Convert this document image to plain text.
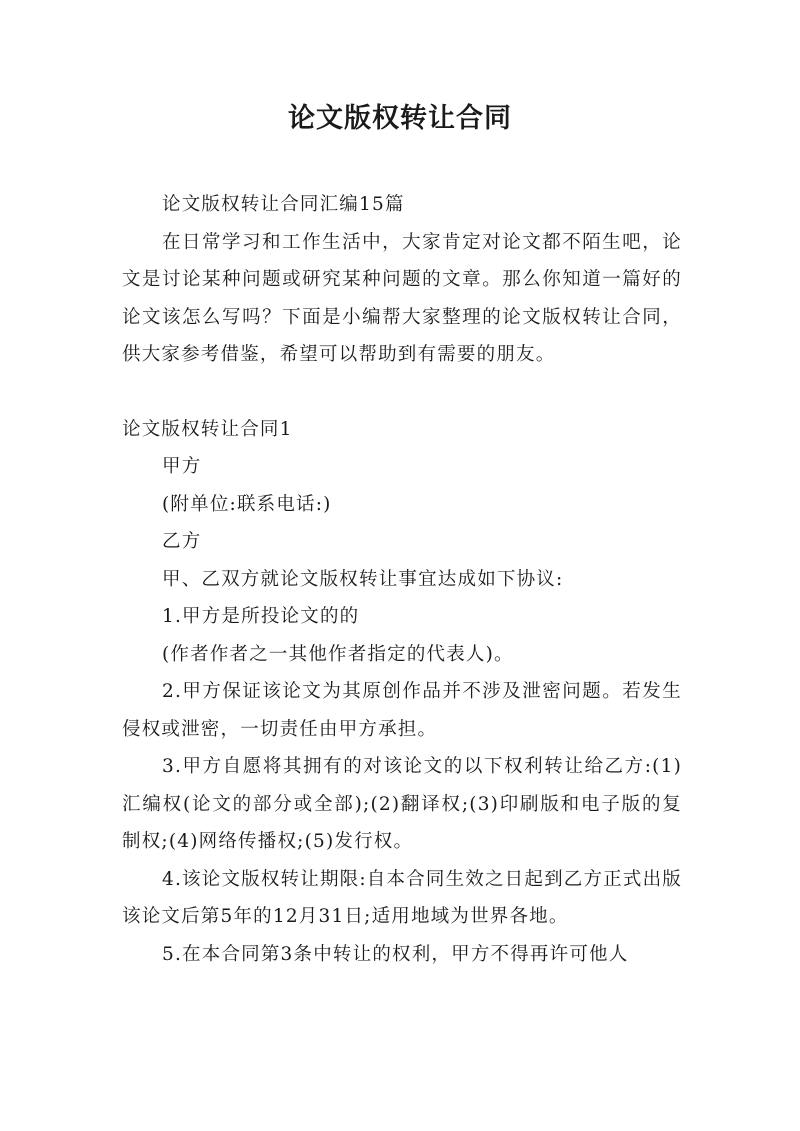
论文版权转让合同

论文版权转让合同汇编15篇

在日常学习和工作生活中，大家肯定对论文都不陌生吧，论文是讨论某种问题或研究某种问题的文章。那么你知道一篇好的论文该怎么写吗？下面是小编帮大家整理的论文版权转让合同，供大家参考借鉴，希望可以帮助到有需要的朋友。

论文版权转让合同1

甲方

(附单位:联系电话:)

乙方

甲、乙双方就论文版权转让事宜达成如下协议:

1.甲方是所投论文的的

(作者作者之一其他作者指定的代表人)。

2.甲方保证该论文为其原创作品并不涉及泄密问题。若发生侵权或泄密，一切责任由甲方承担。

3.甲方自愿将其拥有的对该论文的以下权利转让给乙方:(1)汇编权(论文的部分或全部);(2)翻译权;(3)印刷版和电子版的复制权;(4)网络传播权;(5)发行权。

4.该论文版权转让期限:自本合同生效之日起到乙方正式出版该论文后第5年的12月31日;适用地域为世界各地。

5.在本合同第3条中转让的权利，甲方不得再许可他人
